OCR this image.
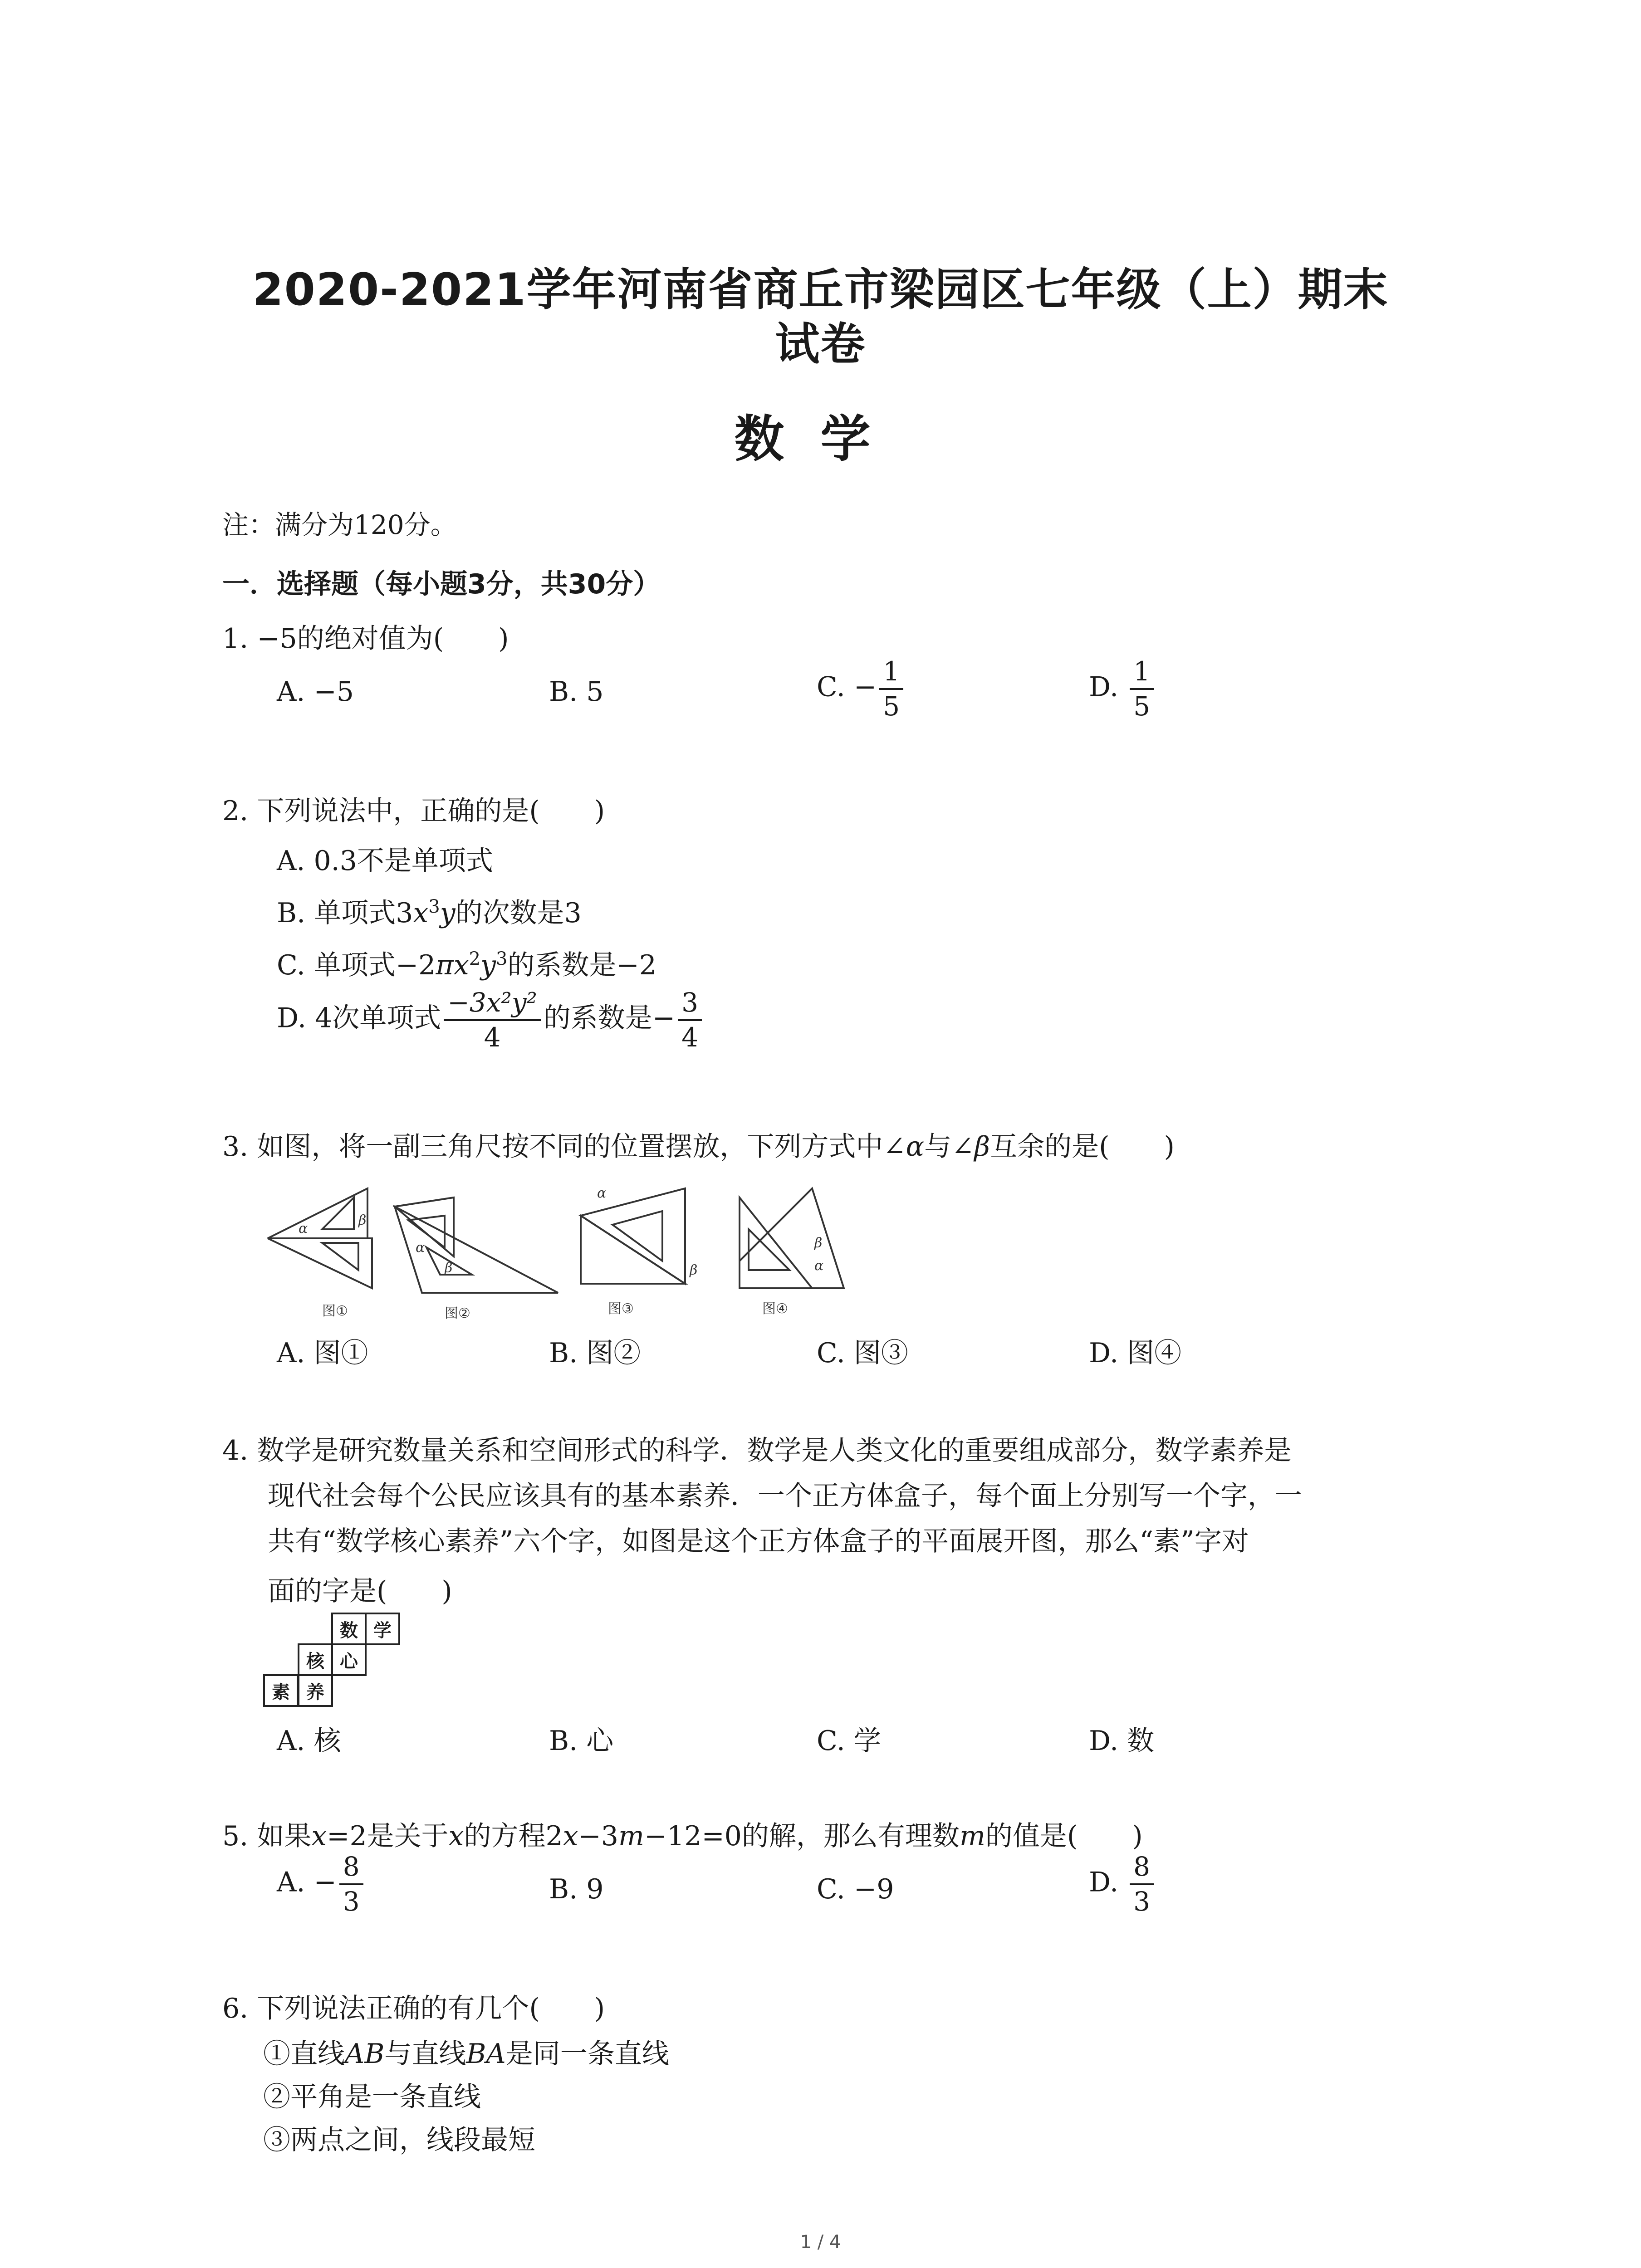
2020-2021学年河南省商丘市梁园区七年级（上）期末
试卷
数学
注：满分为120分。
一．选择题（每小题3分，共30分）
1. −5的绝对值为(　　)
A. −5	B. 5	C. − $\frac{1}{5}$	D. $\frac{1}{5}$
2. 下列说法中，正确的是(　　)
A. 0.3不是单项式
B. 单项式$3x^3y$的次数是3
C. 单项式$-2\pi x^2y^3$的系数是−2
D. 4次单项式 $\frac{\text{−3x²y²}}{4}$ 的系数是− $\frac{3}{4}$
3. 如图，将一副三角尺按不同的位置摆放，下列方式中∠α与∠β互余的是(　　)
α
β
α
β
α
β
β
α
图①	图②	图③	图④
A. 图①	B. 图②	C. 图③	D. 图④
4. 数学是研究数量关系和空间形式的科学．数学是人类文化的重要组成部分，数学素养是
现代社会每个公民应该具有的基本素养．一个正方体盒子，每个面上分别写一个字，一
共有“数学核心素养”六个字，如图是这个正方体盒子的平面展开图，那么“素”字对
面的字是(　　)
数 学
核 心
素 养
A. 核	B. 心	C. 学	D. 数
5. 如果x=2是关于x的方程2x−3m−12=0的解，那么有理数m的值是(　　)
A. − $\frac{8}{3}$	B. 9	C. −9	D. $\frac{8}{3}$
6. 下列说法正确的有几个(　　)
①直线AB与直线BA是同一条直线
②平角是一条直线
③两点之间，线段最短
1 / 4
